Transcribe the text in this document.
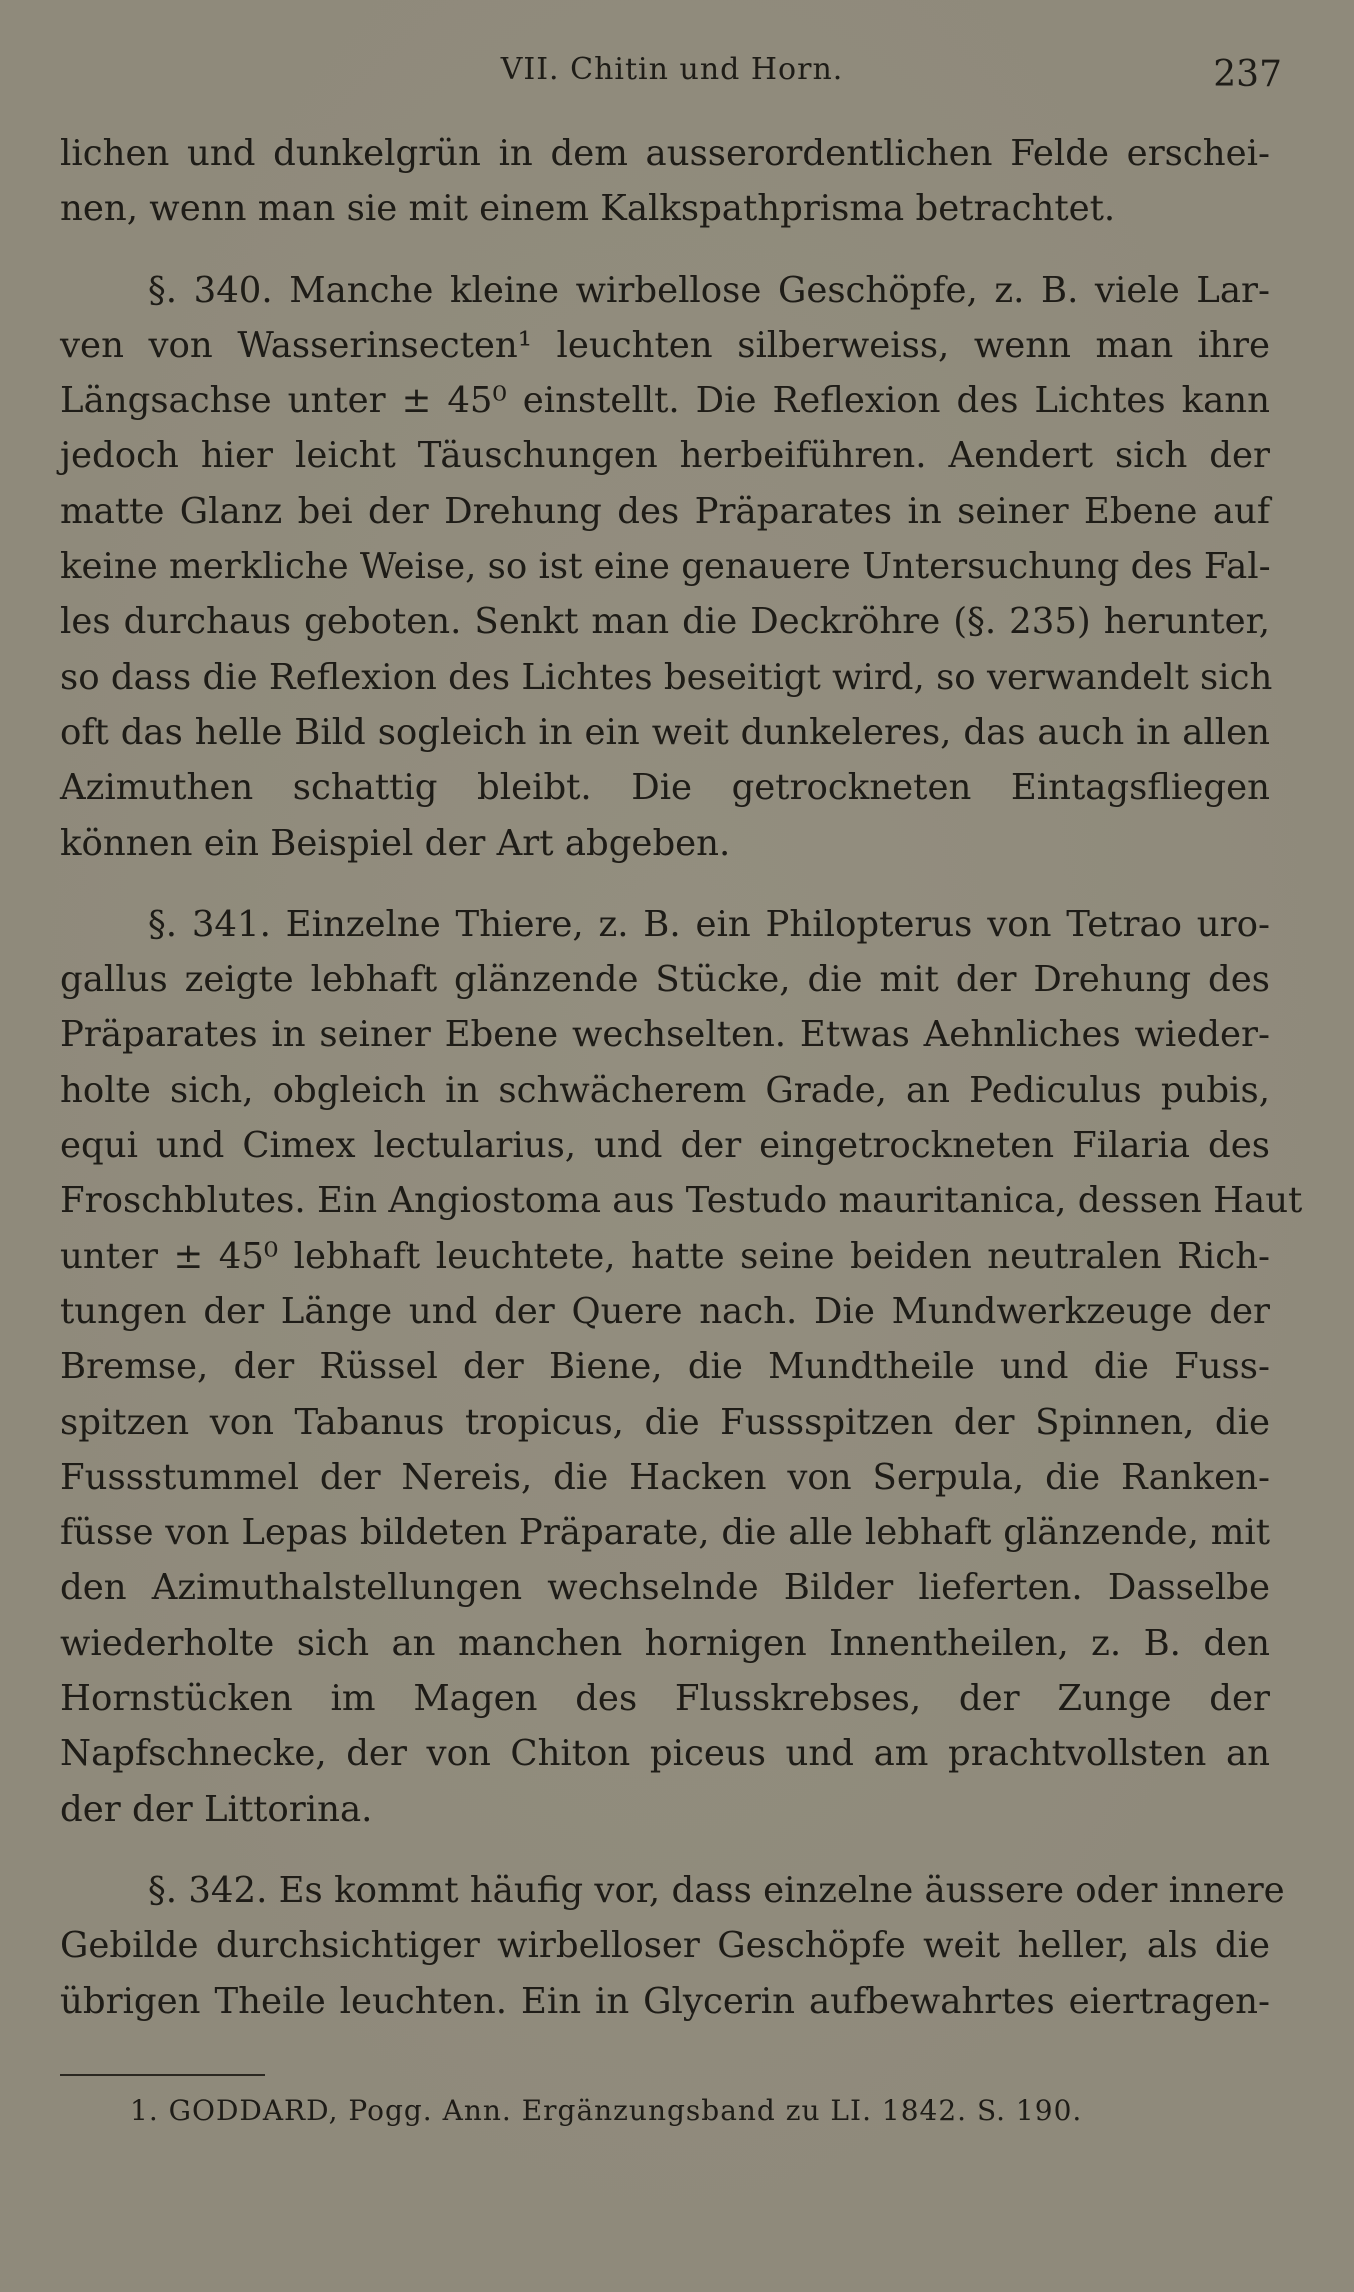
VII. Chitin und Horn.	237
lichen und dunkelgrün in dem ausserordentlichen Felde erschei-
nen, wenn man sie mit einem Kalkspathprisma betrachtet.
§. 340. Manche kleine wirbellose Geschöpfe, z. B. viele Lar-
ven von Wasserinsecten¹ leuchten silberweiss, wenn man ihre
Längsachse unter ± 45⁰ einstellt. Die Reflexion des Lichtes kann
jedoch hier leicht Täuschungen herbeiführen. Aendert sich der
matte Glanz bei der Drehung des Präparates in seiner Ebene auf
keine merkliche Weise, so ist eine genauere Untersuchung des Fal-
les durchaus geboten. Senkt man die Deckröhre (§. 235) herunter,
so dass die Reflexion des Lichtes beseitigt wird, so verwandelt sich
oft das helle Bild sogleich in ein weit dunkeleres, das auch in allen
Azimuthen schattig bleibt. Die getrockneten Eintagsfliegen
können ein Beispiel der Art abgeben.
§. 341. Einzelne Thiere, z. B. ein Philopterus von Tetrao uro-
gallus zeigte lebhaft glänzende Stücke, die mit der Drehung des
Präparates in seiner Ebene wechselten. Etwas Aehnliches wieder-
holte sich, obgleich in schwächerem Grade, an Pediculus pubis,
equi und Cimex lectularius, und der eingetrockneten Filaria des
Froschblutes. Ein Angiostoma aus Testudo mauritanica, dessen Haut
unter ± 45⁰ lebhaft leuchtete, hatte seine beiden neutralen Rich-
tungen der Länge und der Quere nach. Die Mundwerkzeuge der
Bremse, der Rüssel der Biene, die Mundtheile und die Fuss-
spitzen von Tabanus tropicus, die Fussspitzen der Spinnen, die
Fussstummel der Nereis, die Hacken von Serpula, die Ranken-
füsse von Lepas bildeten Präparate, die alle lebhaft glänzende, mit
den Azimuthalstellungen wechselnde Bilder lieferten. Dasselbe
wiederholte sich an manchen hornigen Innentheilen, z. B. den
Hornstücken im Magen des Flusskrebses, der Zunge der
Napfschnecke, der von Chiton piceus und am prachtvollsten an
der der Littorina.
§. 342. Es kommt häufig vor, dass einzelne äussere oder innere
Gebilde durchsichtiger wirbelloser Geschöpfe weit heller, als die
übrigen Theile leuchten. Ein in Glycerin aufbewahrtes eiertragen-
1. GODDARD, Pogg. Ann. Ergänzungsband zu LI. 1842. S. 190.
